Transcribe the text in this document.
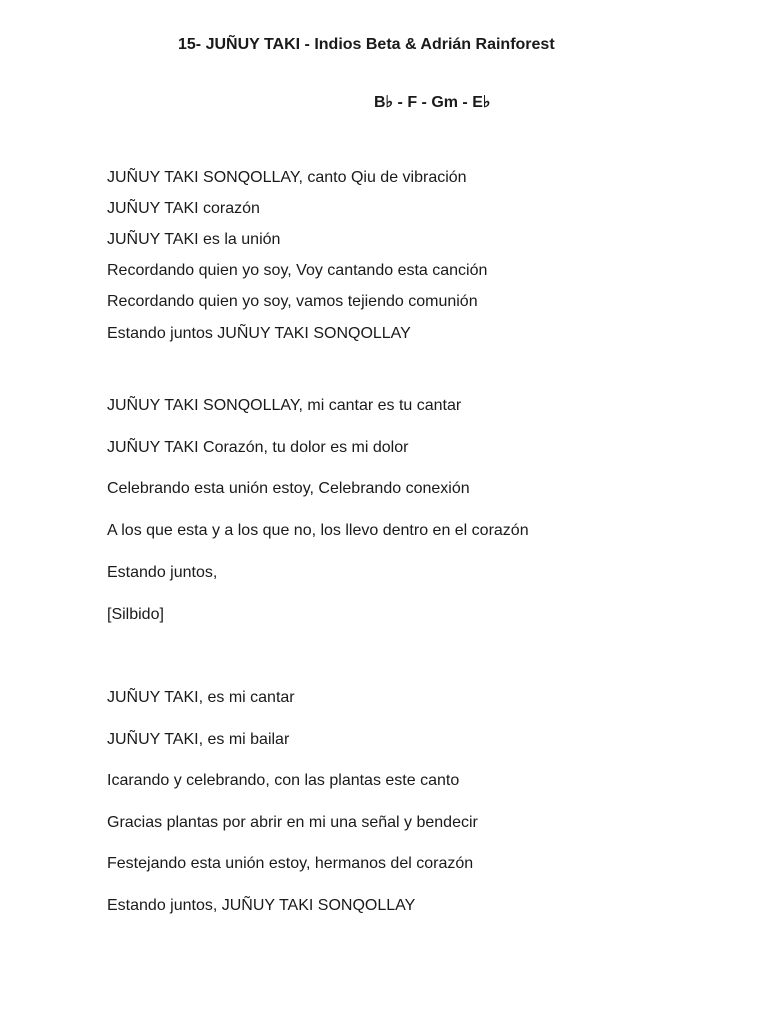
15- JUÑUY TAKI - Indios Beta & Adrián Rainforest
B♭ - F - Gm - E♭
JUÑUY TAKI SONQOLLAY, canto Qiu de vibración
JUÑUY TAKI corazón
JUÑUY TAKI es la unión
Recordando quien yo soy, Voy cantando esta canción
Recordando quien yo soy, vamos tejiendo comunión
Estando juntos JUÑUY TAKI SONQOLLAY
JUÑUY TAKI SONQOLLAY, mi cantar es tu cantar
JUÑUY TAKI Corazón, tu dolor es mi dolor
Celebrando esta unión estoy, Celebrando conexión
A los que esta y a los que no, los llevo dentro en el corazón
Estando juntos,
[Silbido]
JUÑUY TAKI, es mi cantar
JUÑUY TAKI, es mi bailar
Icarando y celebrando, con las plantas este canto
Gracias plantas por abrir en mi una señal y bendecir
Festejando esta unión estoy, hermanos del corazón
Estando juntos, JUÑUY TAKI SONQOLLAY
